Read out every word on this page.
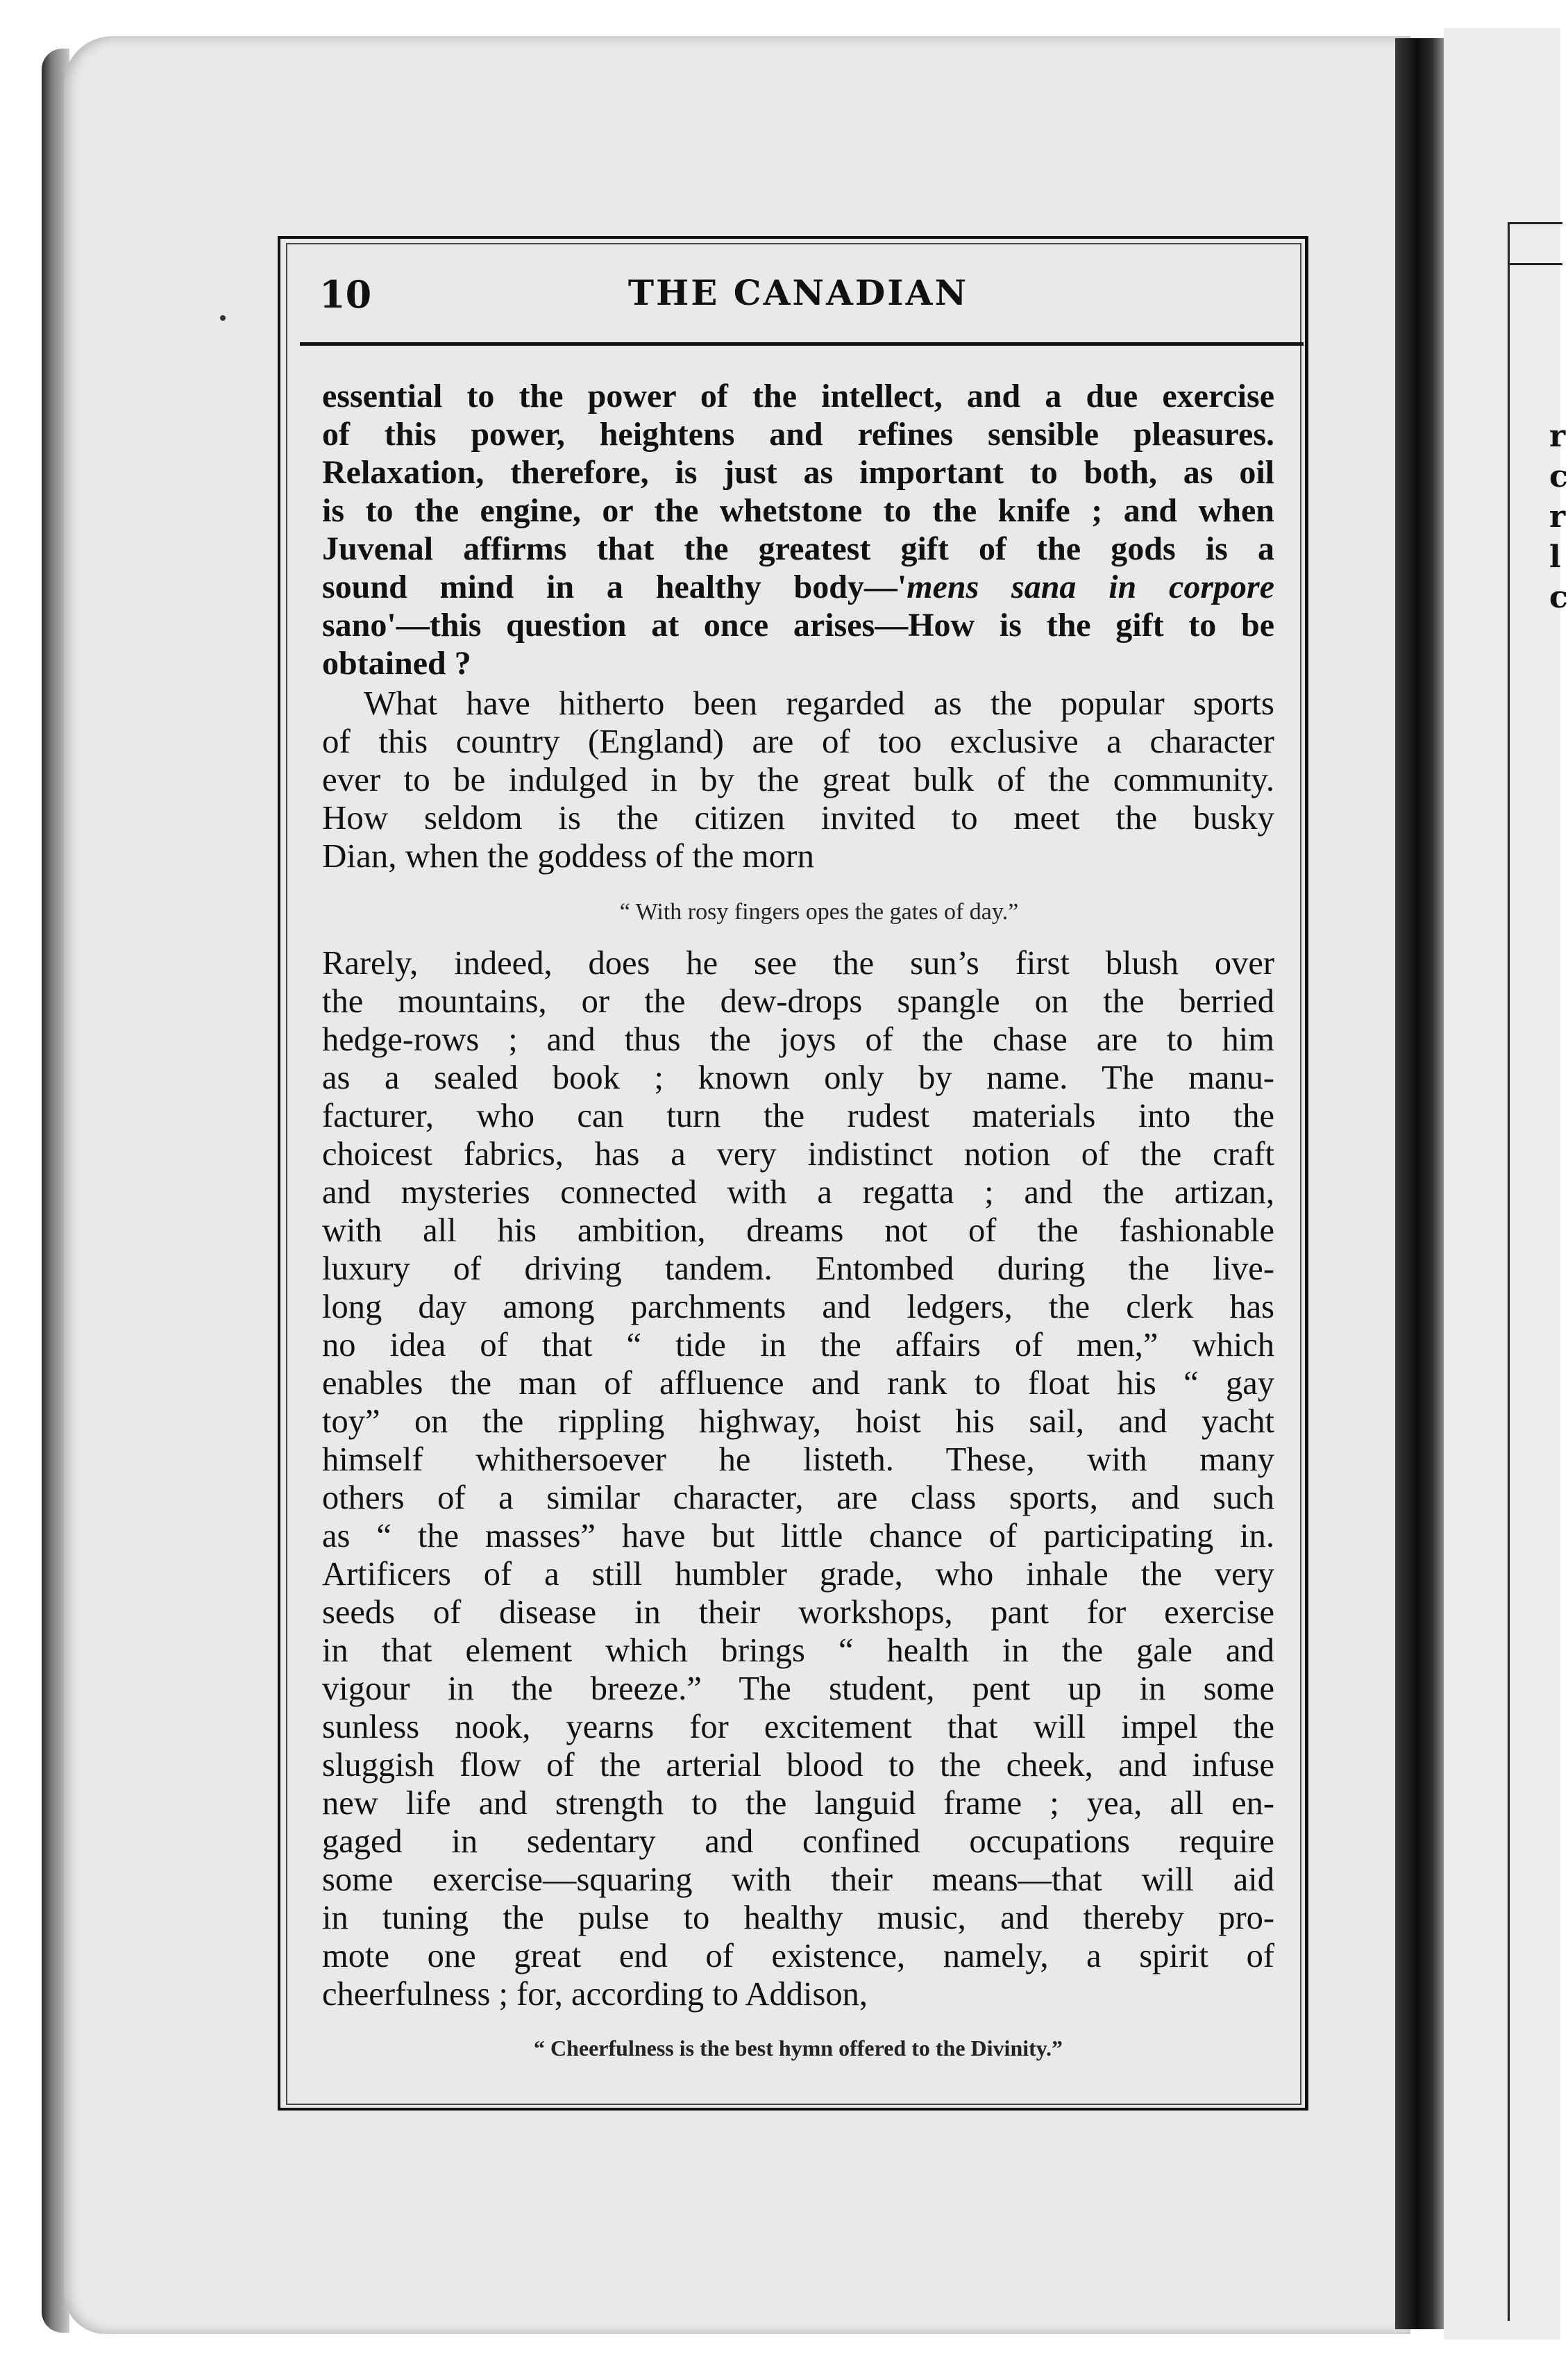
r
c
r
l
c
10	THE CANADIAN
essential to the power of the intellect, and a due exercise
of this power, heightens and refines sensible pleasures.
Relaxation, therefore, is just as important to both, as oil
is to the engine, or the whetstone to the knife ; and when
Juvenal affirms that the greatest gift of the gods is a
sound mind in a healthy body—'mens sana in corpore
sano'—this question at once arises—How is the gift to be
obtained ?
What have hitherto been regarded as the popular sports
of this country (England) are of too exclusive a character
ever to be indulged in by the great bulk of the community.
How seldom is the citizen invited to meet the busky
Dian, when the goddess of the morn
“ With rosy fingers opes the gates of day.”
Rarely, indeed, does he see the sun’s first blush over
the mountains, or the dew-drops spangle on the berried
hedge-rows ; and thus the joys of the chase are to him
as a sealed book ; known only by name. The manu-
facturer, who can turn the rudest materials into the
choicest fabrics, has a very indistinct notion of the craft
and mysteries connected with a regatta ; and the artizan,
with all his ambition, dreams not of the fashionable
luxury of driving tandem. Entombed during the live-
long day among parchments and ledgers, the clerk has
no idea of that “ tide in the affairs of men,” which
enables the man of affluence and rank to float his “ gay
toy” on the rippling highway, hoist his sail, and yacht
himself whithersoever he listeth. These, with many
others of a similar character, are class sports, and such
as “ the masses” have but little chance of participating in.
Artificers of a still humbler grade, who inhale the very
seeds of disease in their workshops, pant for exercise
in that element which brings “ health in the gale and
vigour in the breeze.” The student, pent up in some
sunless nook, yearns for excitement that will impel the
sluggish flow of the arterial blood to the cheek, and infuse
new life and strength to the languid frame ; yea, all en-
gaged in sedentary and confined occupations require
some exercise—squaring with their means—that will aid
in tuning the pulse to healthy music, and thereby pro-
mote one great end of existence, namely, a spirit of
cheerfulness ; for, according to Addison,
“ Cheerfulness is the best hymn offered to the Divinity.”
